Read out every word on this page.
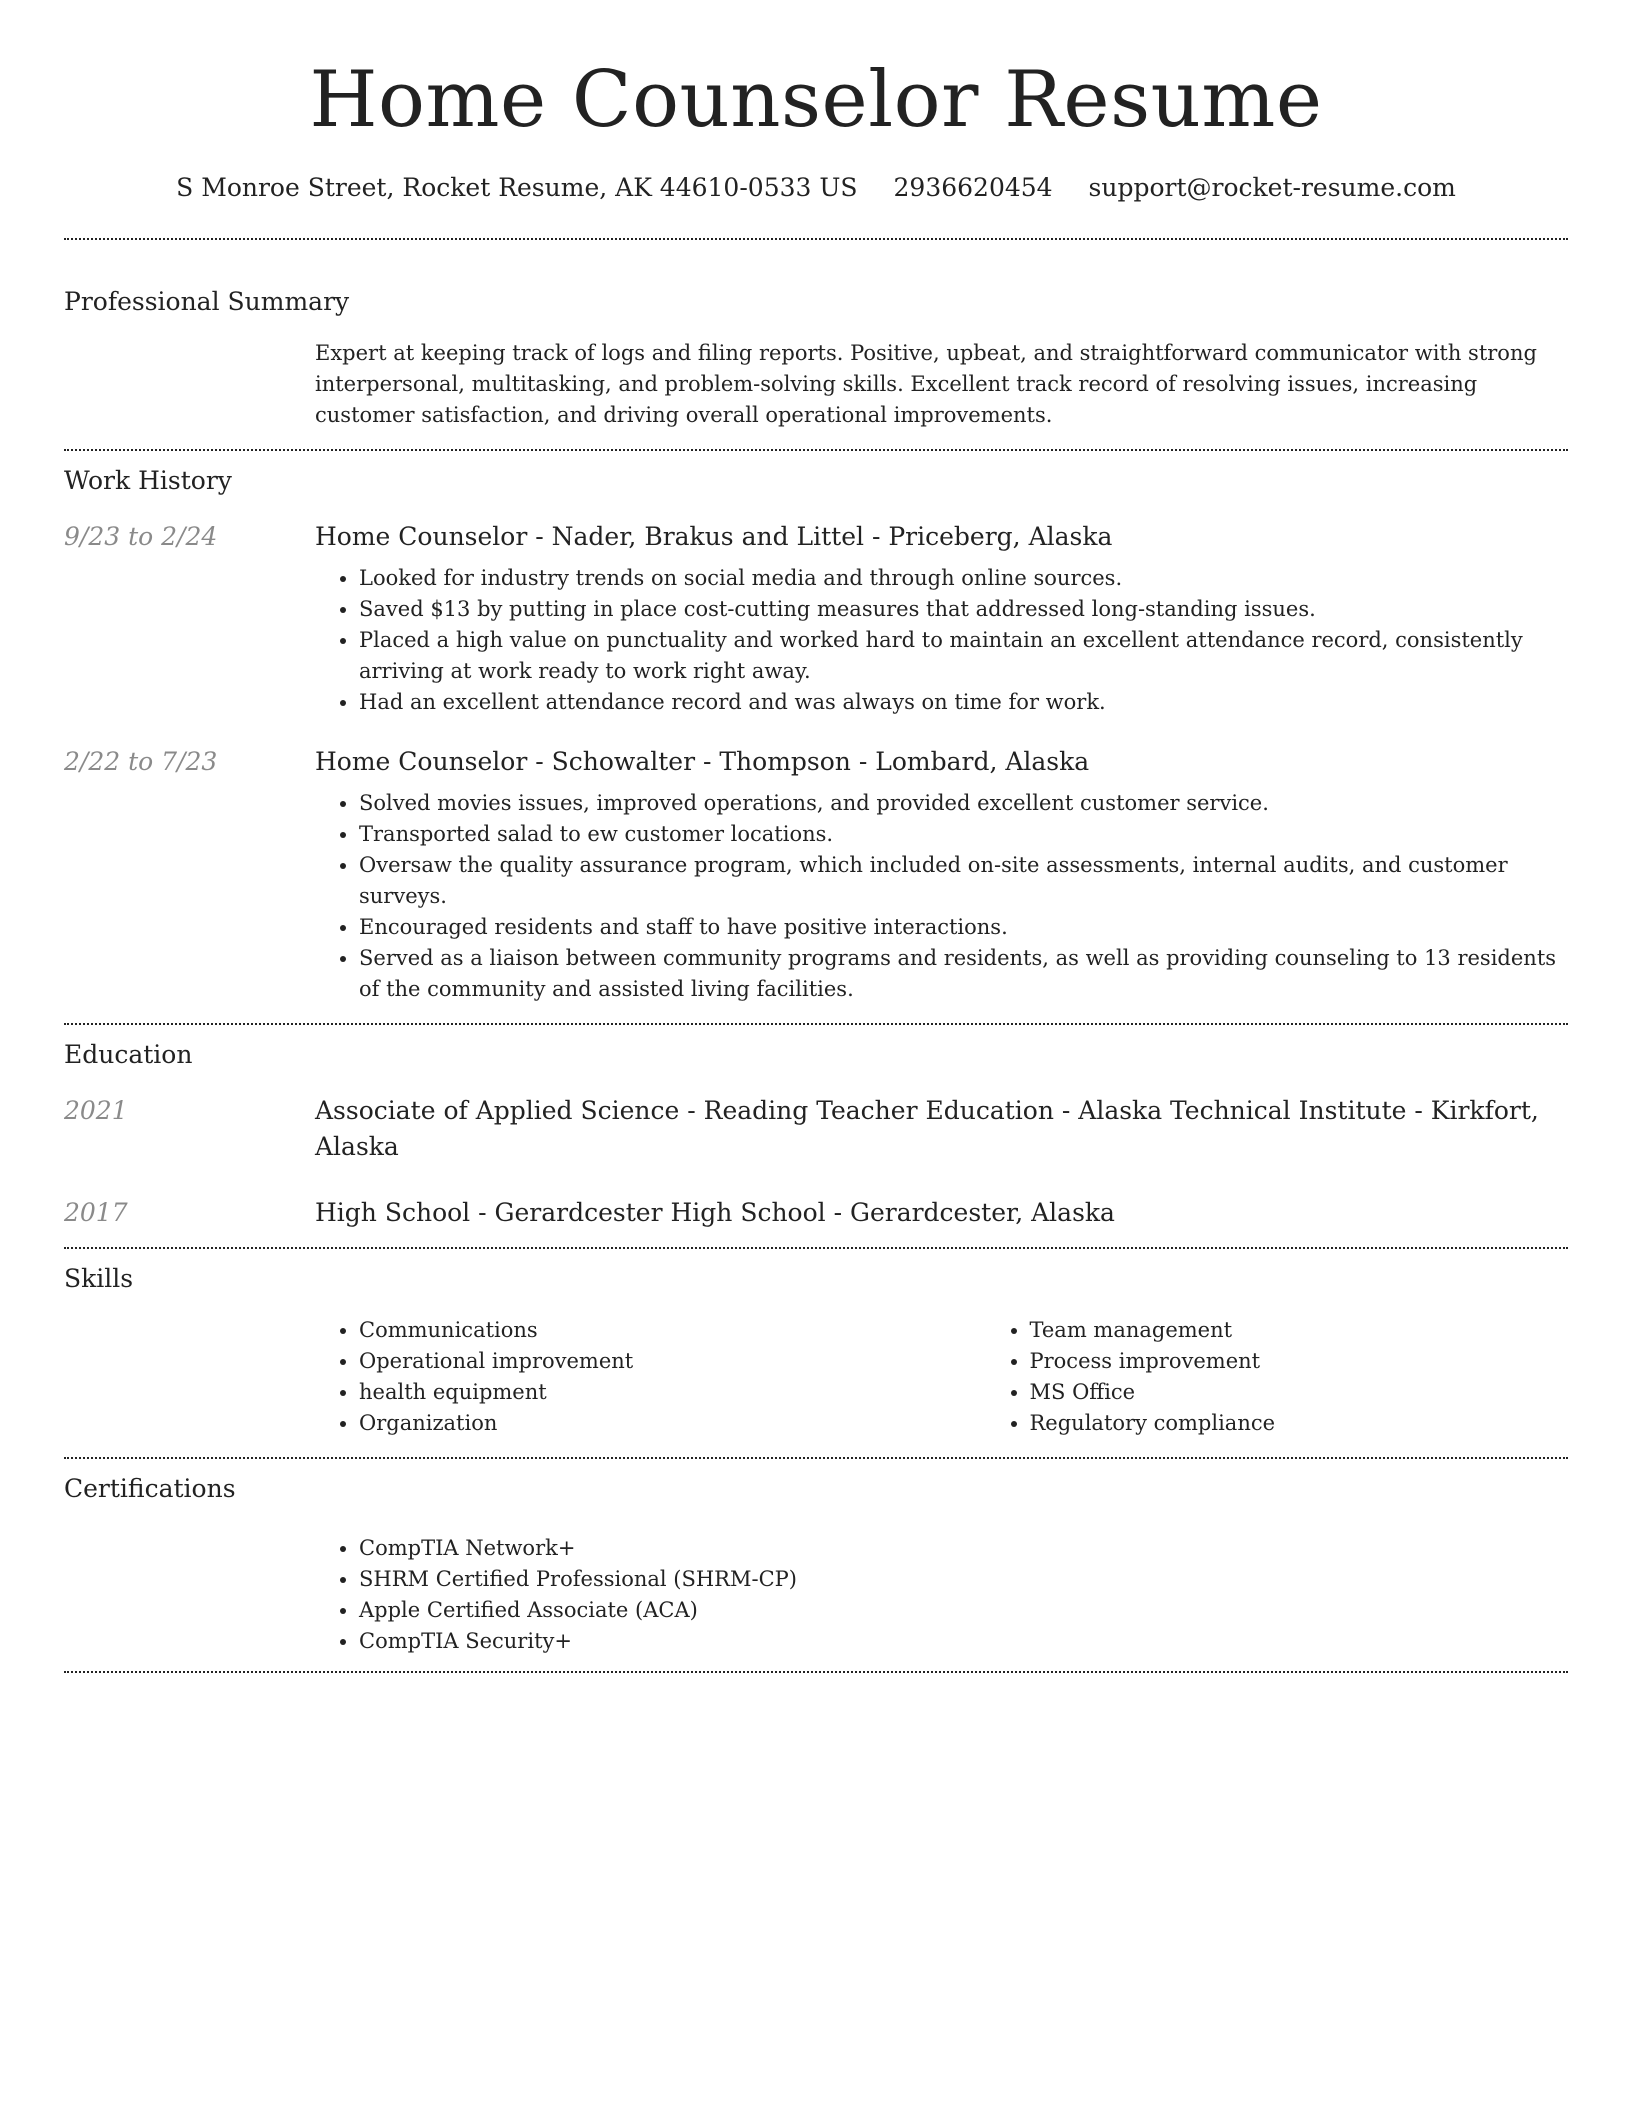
Home Counselor Resume
S Monroe Street, Rocket Resume, AK 44610-0533 US 2936620454 support@rocket-resume.com
Professional Summary

Expert at keeping track of logs and filing reports. Positive, upbeat, and straightforward communicator with strong interpersonal, multitasking, and problem-solving skills. Excellent track record of resolving issues, increasing customer satisfaction, and driving overall operational improvements.

Work History
9/23 to 2/24	Home Counselor - Nader, Brakus and Littel - Priceberg, Alaska
• Looked for industry trends on social media and through online sources.
• Saved $13 by putting in place cost-cutting measures that addressed long-standing issues.
• Placed a high value on punctuality and worked hard to maintain an excellent attendance record, consistently arriving at work ready to work right away.
• Had an excellent attendance record and was always on time for work.
2/22 to 7/23	Home Counselor - Schowalter - Thompson - Lombard, Alaska
• Solved movies issues, improved operations, and provided excellent customer service.
• Transported salad to ew customer locations.
• Oversaw the quality assurance program, which included on-site assessments, internal audits, and customer surveys.
• Encouraged residents and staff to have positive interactions.
• Served as a liaison between community programs and residents, as well as providing counseling to 13 residents of the community and assisted living facilities.
Education
2021	Associate of Applied Science - Reading Teacher Education - Alaska Technical Institute - Kirkfort, Alaska
2017	High School - Gerardcester High School - Gerardcester, Alaska
Skills
• Communications
• Operational improvement
• health equipment
• Organization
• Team management
• Process improvement
• MS Office
• Regulatory compliance
Certifications
• CompTIA Network+
• SHRM Certified Professional (SHRM-CP)
• Apple Certified Associate (ACA)
• CompTIA Security+
